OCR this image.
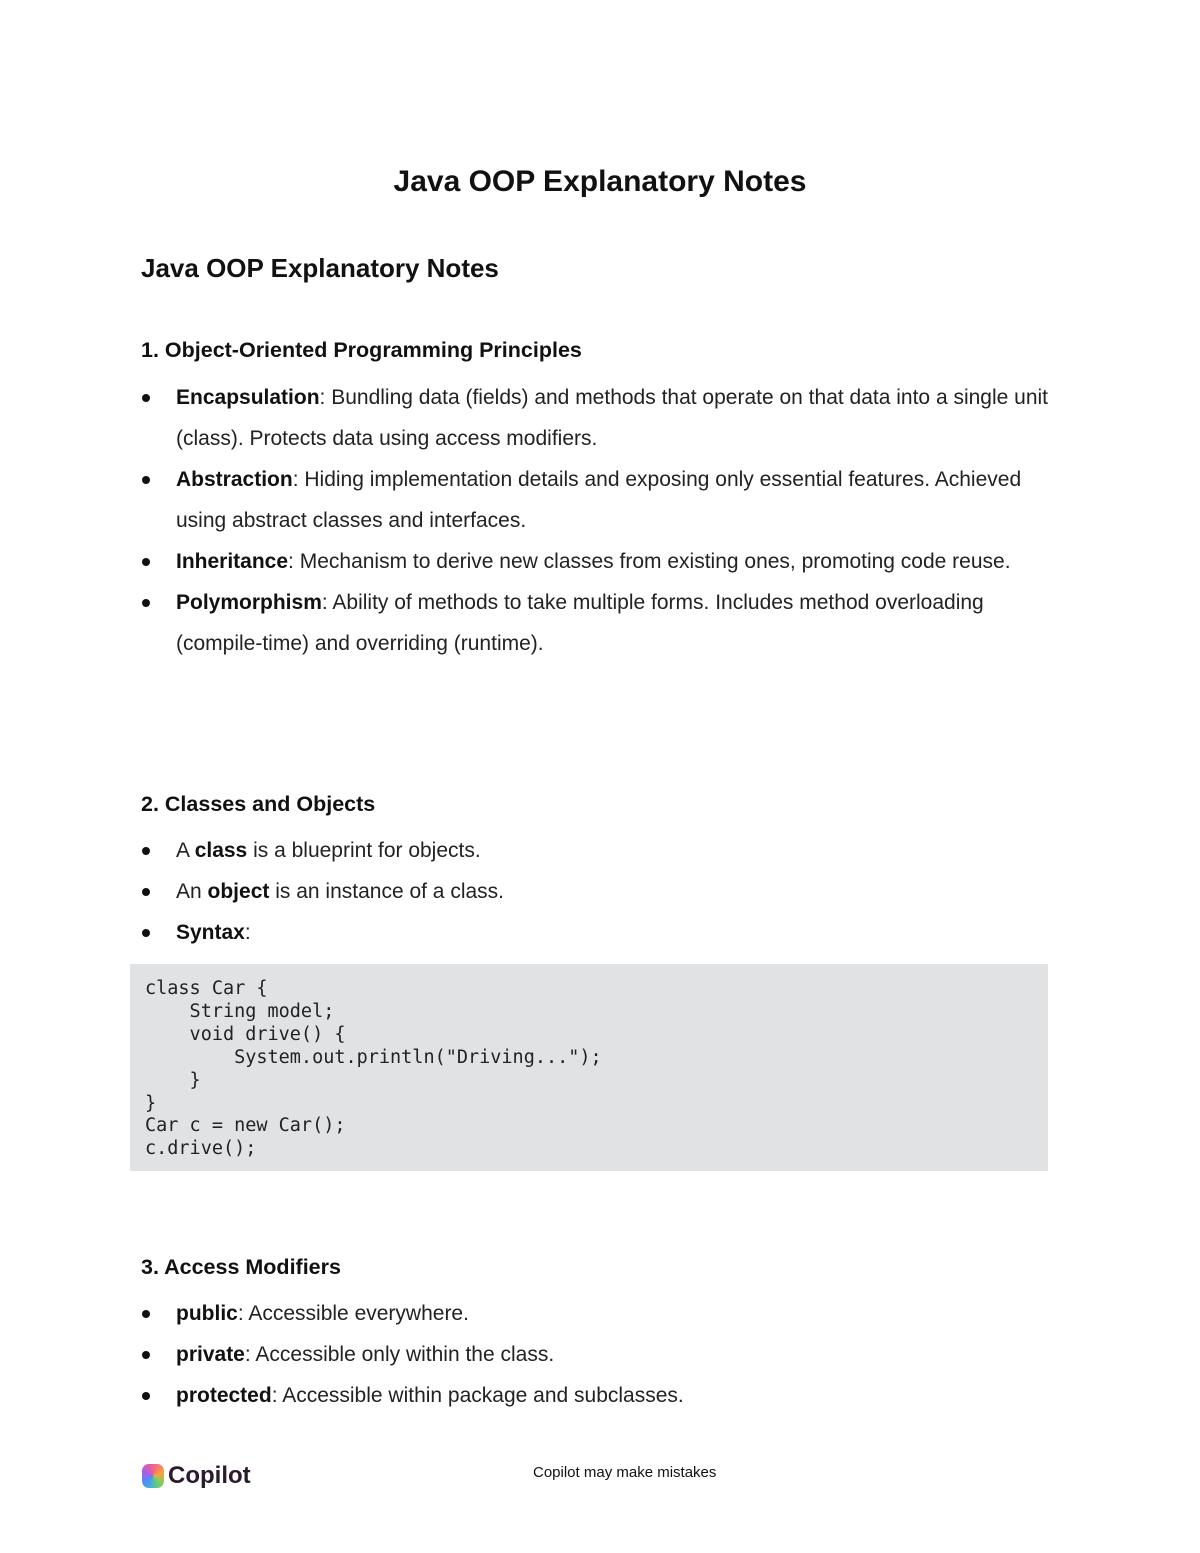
Java OOP Explanatory Notes
Java OOP Explanatory Notes
1. Object-Oriented Programming Principles
Encapsulation: Bundling data (fields) and methods that operate on that data into a single unit (class). Protects data using access modifiers.
Abstraction: Hiding implementation details and exposing only essential features. Achieved using abstract classes and interfaces.
Inheritance: Mechanism to derive new classes from existing ones, promoting code reuse.
Polymorphism: Ability of methods to take multiple forms. Includes method overloading (compile-time) and overriding (runtime).
2. Classes and Objects
A class is a blueprint for objects.
An object is an instance of a class.
Syntax:
class Car {
String model;
void drive() {
System.out.println("Driving...");
}
}
Car c = new Car();
c.drive();
3. Access Modifiers
public: Accessible everywhere.
private: Accessible only within the class.
protected: Accessible within package and subclasses.
Copilot	Copilot may make mistakes
